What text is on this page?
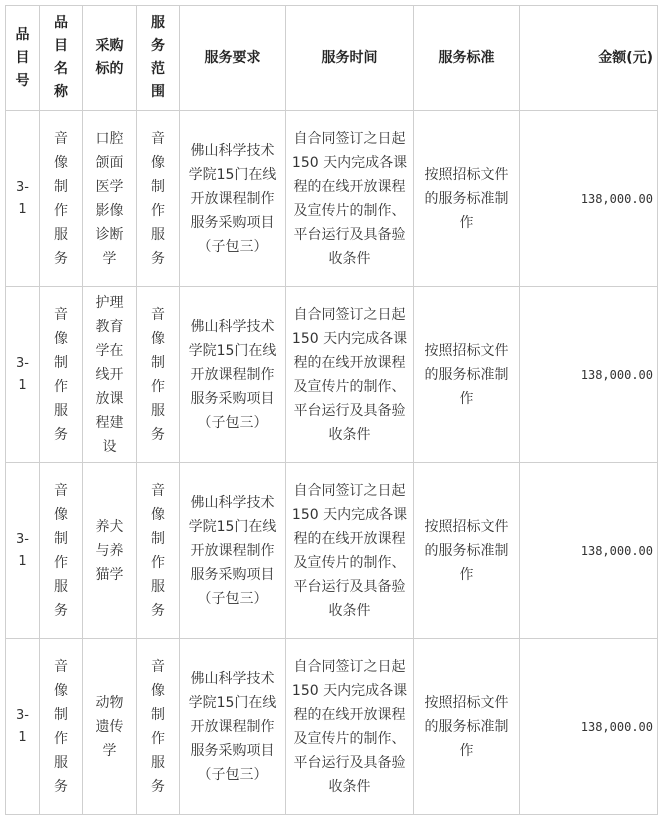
品目号	品目名称	采购标的	服务范围	服务要求	服务时间	服务标准	金额(元)
3-1	音像制作服务	口腔颌面医学影像诊断学	音像制作服务	佛山科学技术学院15门在线开放课程制作服务采购项目（子包三）	自合同签订之日起 150 天内完成各课程的在线开放课程及宣传片的制作、平台运行及具备验收条件	按照招标文件的服务标准制作	138,000.00
3-1	音像制作服务	护理教育学在线开放课程建设	音像制作服务	佛山科学技术学院15门在线开放课程制作服务采购项目（子包三）	自合同签订之日起 150 天内完成各课程的在线开放课程及宣传片的制作、平台运行及具备验收条件	按照招标文件的服务标准制作	138,000.00
3-1	音像制作服务	养犬与养猫学	音像制作服务	佛山科学技术学院15门在线开放课程制作服务采购项目（子包三）	自合同签订之日起 150 天内完成各课程的在线开放课程及宣传片的制作、平台运行及具备验收条件	按照招标文件的服务标准制作	138,000.00
3-1	音像制作服务	动物遗传学	音像制作服务	佛山科学技术学院15门在线开放课程制作服务采购项目（子包三）	自合同签订之日起 150 天内完成各课程的在线开放课程及宣传片的制作、平台运行及具备验收条件	按照招标文件的服务标准制作	138,000.00
